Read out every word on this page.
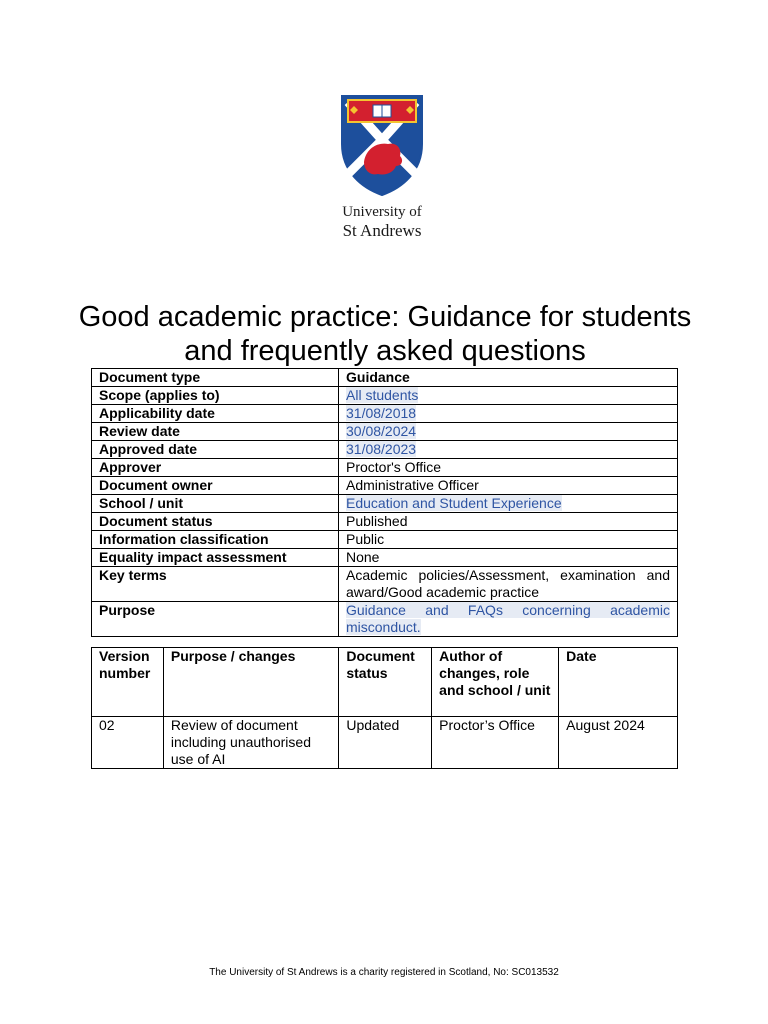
University of
St Andrews
Good academic practice: Guidance for students
and frequently asked questions
Document type	Guidance
Scope (applies to)	All students
Applicability date	31/08/2018
Review date	30/08/2024
Approved date	31/08/2023
Approver	Proctor's Office
Document owner	Administrative Officer
School / unit	Education and Student Experience
Document status	Published
Information classification	Public
Equality impact assessment	None
Key terms	Academic policies/Assessment, examination and award/Good academic practice
Purpose	Guidance and FAQs concerning academic misconduct.
Version number	Purpose / changes	Document status	Author of changes, role and school / unit	Date
02	Review of document including unauthorised use of AI	Updated	Proctor’s Office	August 2024
The University of St Andrews is a charity registered in Scotland, No: SC013532
